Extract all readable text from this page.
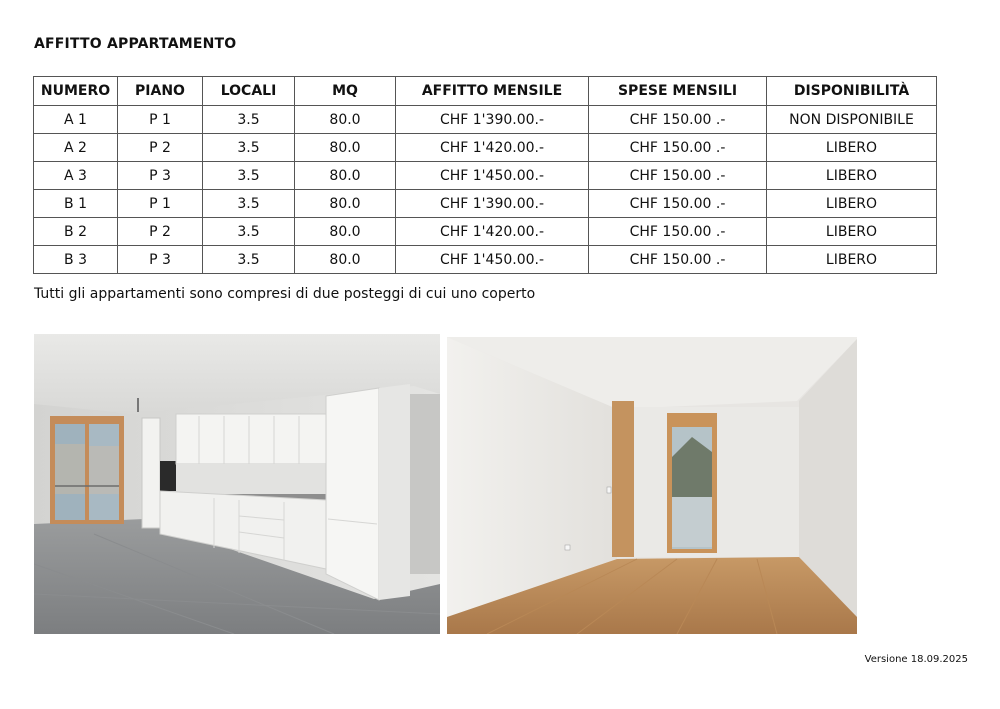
AFFITTO APPARTAMENTO
NUMERO	PIANO	LOCALI	MQ	AFFITTO MENSILE	SPESE MENSILI	DISPONIBILITÀ
A 1	P 1	3.5	80.0	CHF 1'390.00.-	CHF 150.00 .-	NON DISPONIBILE
A 2	P 2	3.5	80.0	CHF 1'420.00.-	CHF 150.00 .-	LIBERO
A 3	P 3	3.5	80.0	CHF 1'450.00.-	CHF 150.00 .-	LIBERO
B 1	P 1	3.5	80.0	CHF 1'390.00.-	CHF 150.00 .-	LIBERO
B 2	P 2	3.5	80.0	CHF 1'420.00.-	CHF 150.00 .-	LIBERO
B 3	P 3	3.5	80.0	CHF 1'450.00.-	CHF 150.00 .-	LIBERO
Tutti gli appartamenti sono compresi di due posteggi di cui uno coperto
Versione 18.09.2025
